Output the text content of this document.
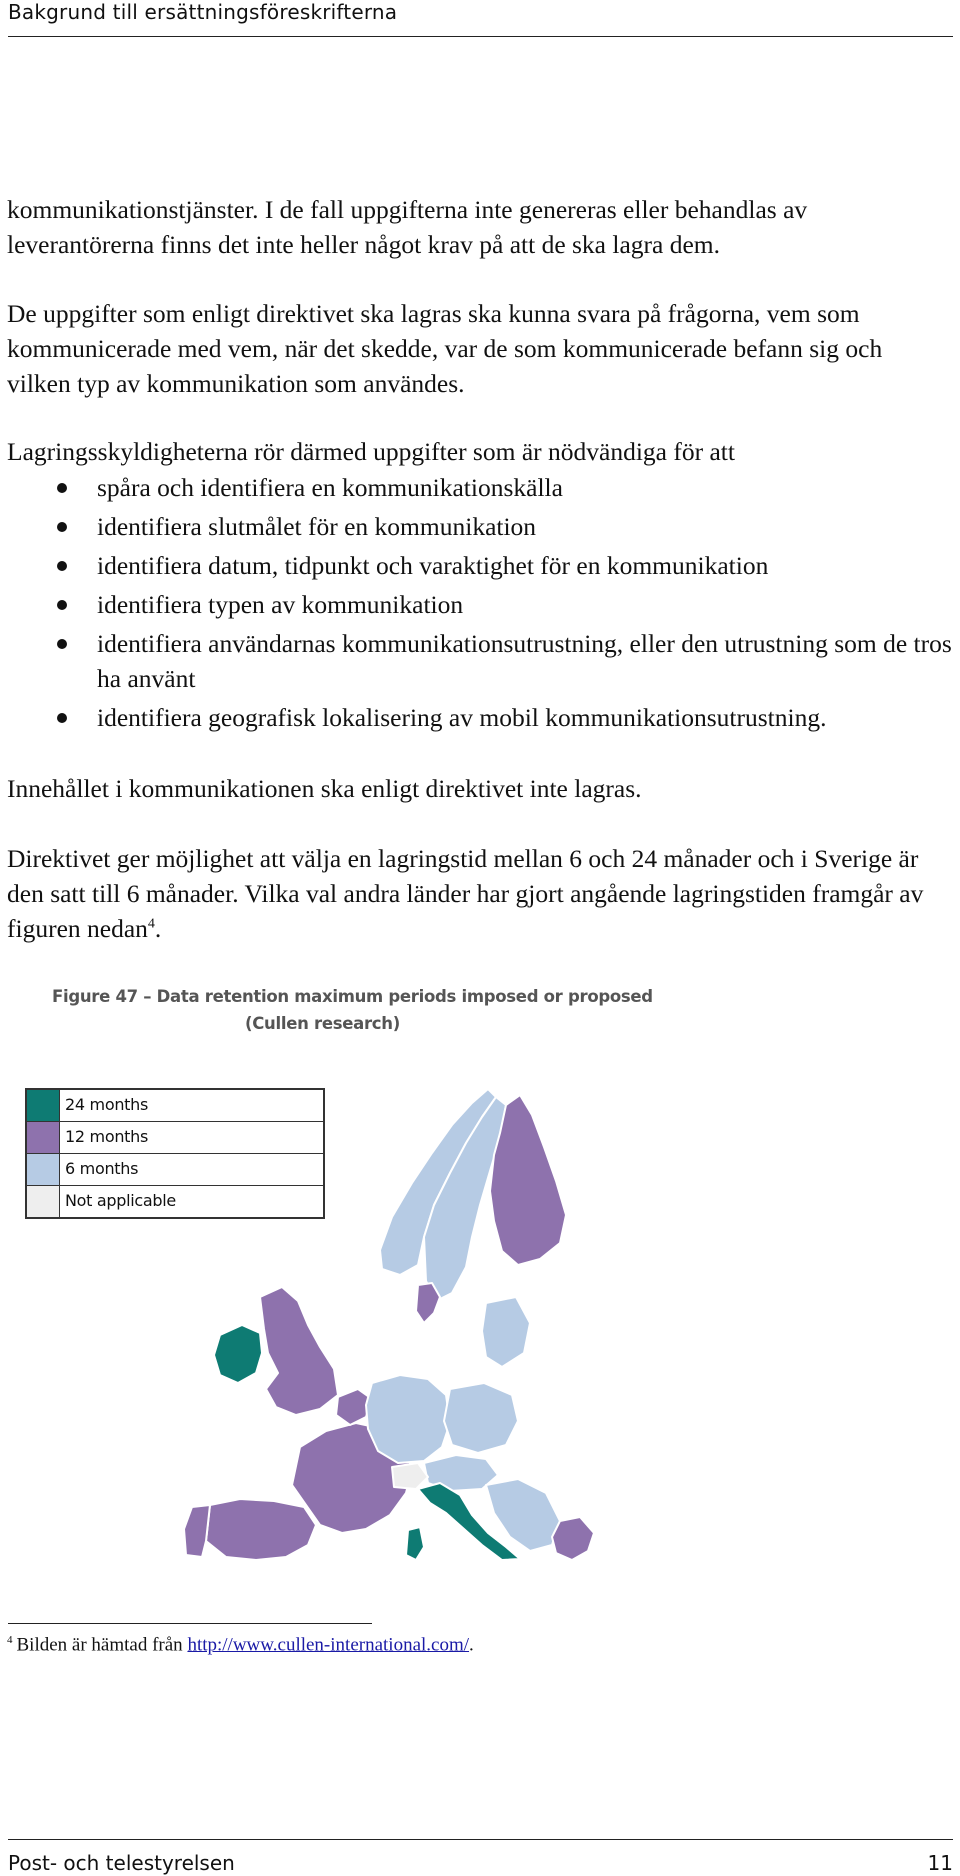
Bakgrund till ersättningsföreskrifterna

kommunikationstjänster. I de fall uppgifterna inte genereras eller behandlas av leverantörerna finns det inte heller något krav på att de ska lagra dem.

De uppgifter som enligt direktivet ska lagras ska kunna svara på frågorna, vem som kommunicerade med vem, när det skedde, var de som kommunicerade befann sig och vilken typ av kommunikation som användes.

Lagringsskyldigheterna rör därmed uppgifter som är nödvändiga för att

spåra och identifiera en kommunikationskälla
identifiera slutmålet för en kommunikation
identifiera datum, tidpunkt och varaktighet för en kommunikation
identifiera typen av kommunikation
identifiera användarnas kommunikationsutrustning, eller den utrustning som de tros ha använt
identifiera geografisk lokalisering av mobil kommunikationsutrustning.

Innehållet i kommunikationen ska enligt direktivet inte lagras.

Direktivet ger möjlighet att välja en lagringstid mellan 6 och 24 månader och i Sverige är den satt till 6 månader. Vilka val andra länder har gjort angående lagringstiden framgår av figuren nedan$^4$.

Figure 47 – Data retention maximum periods imposed or proposed
(Cullen research)
24 months
12 months
6 months
Not applicable
$^4$ Bilden är hämtad från http://www.cullen-international.com/.
Post- och telestyrelsen	11
